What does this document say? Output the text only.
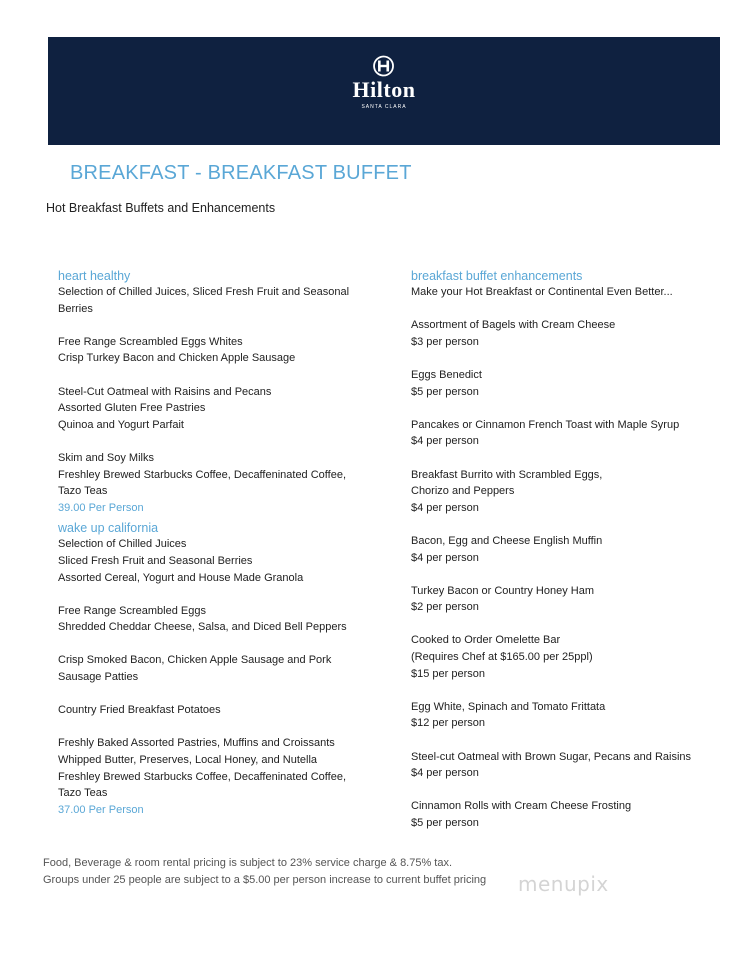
Hilton
SANTA CLARA
BREAKFAST - BREAKFAST BUFFET
Hot Breakfast Buffets and Enhancements

heart healthy

Selection of Chilled Juices, Sliced Fresh Fruit and Seasonal

Berries

Free Range Screambled Eggs Whites

Crisp Turkey Bacon and Chicken Apple Sausage

Steel-Cut Oatmeal with Raisins and Pecans

Assorted Gluten Free Pastries

Quinoa and Yogurt Parfait

Skim and Soy Milks

Freshley Brewed Starbucks Coffee, Decaffeninated Coffee,

Tazo Teas

39.00 Per Person

wake up california

Selection of Chilled Juices

Sliced Fresh Fruit and Seasonal Berries

Assorted Cereal, Yogurt and House Made Granola

Free Range Screambled Eggs

Shredded Cheddar Cheese, Salsa, and Diced Bell Peppers

Crisp Smoked Bacon, Chicken Apple Sausage and Pork

Sausage Patties

Country Fried Breakfast Potatoes

Freshly Baked Assorted Pastries, Muffins and Croissants

Whipped Butter, Preserves, Local Honey, and Nutella

Freshley Brewed Starbucks Coffee, Decaffeninated Coffee,

Tazo Teas

37.00 Per Person

breakfast buffet enhancements

Make your Hot Breakfast or Continental Even Better...

Assortment of Bagels with Cream Cheese

$3 per person

Eggs Benedict

$5 per person

Pancakes or Cinnamon French Toast with Maple Syrup

$4 per person

Breakfast Burrito with Scrambled Eggs,

Chorizo and Peppers

$4 per person

Bacon, Egg and Cheese English Muffin

$4 per person

Turkey Bacon or Country Honey Ham

$2 per person

Cooked to Order Omelette Bar

(Requires Chef at $165.00 per 25ppl)

$15 per person

Egg White, Spinach and Tomato Frittata

$12 per person

Steel-cut Oatmeal with Brown Sugar, Pecans and Raisins

$4 per person

Cinnamon Rolls with Cream Cheese Frosting

$5 per person

Food, Beverage & room rental pricing is subject to 23% service charge & 8.75% tax.
Groups under 25 people are subject to a $5.00 per person increase to current buffet pricing menupix
